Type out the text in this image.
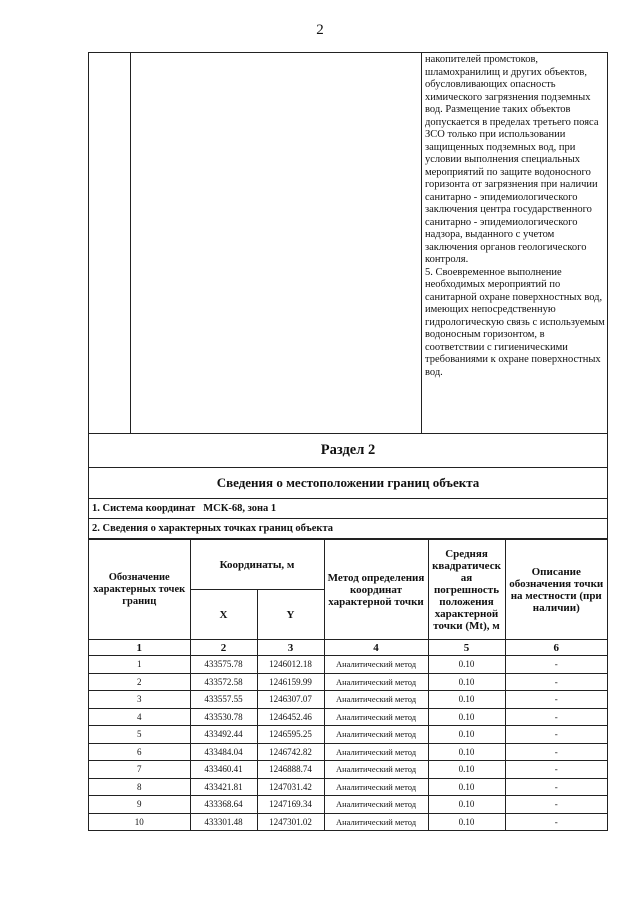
2

накопителей промстоков, шламохранилищ и других объектов, обусловливающих опасность химического загрязнения подземных вод. Размещение таких объектов допускается в пределах третьего пояса ЗСО только при использовании защищенных подземных вод, при условии выполнения специальных мероприятий по защите водоносного горизонта от загрязнения при наличии санитарно - эпидемиологического заключения центра государственного санитарно - эпидемиологического надзора, выданного с учетом заключения органов геологического контроля.

5. Своевременное выполнение необходимых мероприятий по санитарной охране поверхностных вод, имеющих непосредственную гидрологическую связь с используемым водоносным горизонтом, в соответствии с гигиеническими требованиями к охране поверхностных вод.

Раздел 2
Сведения о местоположении границ объекта
1. Система координат МСК-68, зона 1
2. Сведения о характерных точках границ объекта
Обозначение характерных точек границ	Координаты, м		Метод определения координат характерной точки	Средняя квадратическ ая погрешность положения характерной точки (Mt), м	Описание обозначения точки на местности (при наличии)
	X	Y			
1	2	3	4	5	6
1	433575.78	1246012.18	Аналитический метод	0.10	-
2	433572.58	1246159.99	Аналитический метод	0.10	-
3	433557.55	1246307.07	Аналитический метод	0.10	-
4	433530.78	1246452.46	Аналитический метод	0.10	-
5	433492.44	1246595.25	Аналитический метод	0.10	-
6	433484.04	1246742.82	Аналитический метод	0.10	-
7	433460.41	1246888.74	Аналитический метод	0.10	-
8	433421.81	1247031.42	Аналитический метод	0.10	-
9	433368.64	1247169.34	Аналитический метод	0.10	-
10	433301.48	1247301.02	Аналитический метод	0.10	-
